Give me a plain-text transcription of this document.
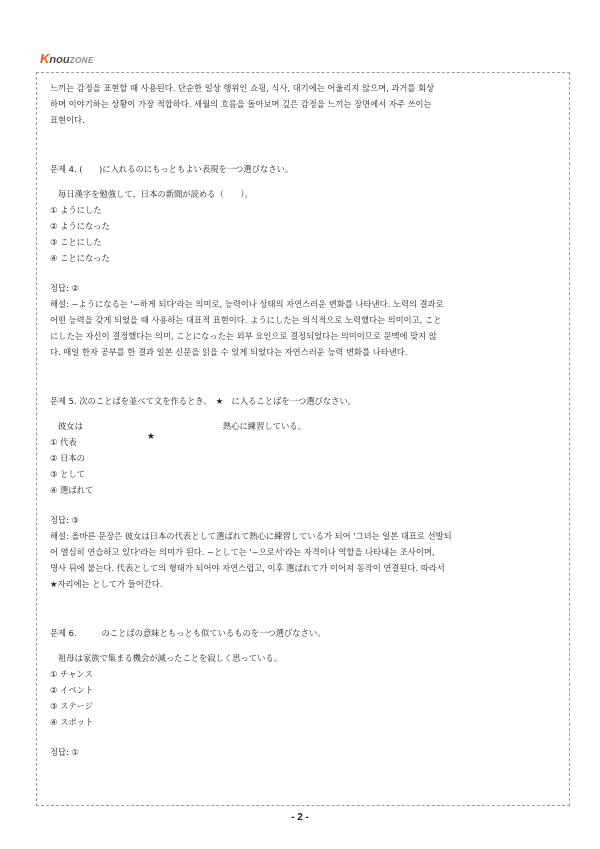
KnouZONE

느끼는 감정을 표현할 때 사용된다. 단순한 일상 행위인 쇼핑, 식사, 대기에는 어울리지 않으며, 과거를 회상

하며 이야기하는 상황이 가장 적합하다. 세월의 흐름을 돌아보며 깊은 감정을 느끼는 장면에서 자주 쓰이는

표현이다.

문제 4. (　　)に入れるのにもっともよい表現を一つ選びなさい。

毎日漢字を勉強して、日本の新聞が読める（　　）。

① ようにした

② ようになった

③ ことにした

④ ことになった

정답: ②

해설: ~ようになる는 '~하게 되다'라는 의미로, 능력이나 상태의 자연스러운 변화를 나타낸다. 노력의 결과로

어떤 능력을 갖게 되었을 때 사용하는 대표적 표현이다. ようにした는 의식적으로 노력했다는 의미이고, こと

にした는 자신이 결정했다는 의미, ことになった는 외부 요인으로 결정되었다는 의미이므로 문맥에 맞지 않

다. 매일 한자 공부를 한 결과 일본 신문을 읽을 수 있게 되었다는 자연스러운 능력 변화를 나타낸다.

문제 5. 次のことばを並べて文を作るとき、　★　に入ることばを一つ選びなさい。

彼女は
★
熱心に練習している。

① 代表

② 日本の

③ として

④ 選ばれて

정답: ③

해설: 올바른 문장은 彼女は日本の代表として選ばれて熱心に練習している가 되어 '그녀는 일본 대표로 선발되

어 열심히 연습하고 있다'라는 의미가 된다. ~として는 '~으로서'라는 자격이나 역할을 나타내는 조사이며,

명사 뒤에 붙는다. 代表として의 형태가 되어야 자연스럽고, 이후 選ばれて가 이어져 동작이 연결된다. 따라서

★자리에는 として가 들어간다.

문제 6.　　　のことばの意味ともっとも似ているものを一つ選びなさい。

祖母は家族で集まる機会が減ったことを寂しく思っている。

① チャンス

② イベント

③ ステージ

④ スポット

정답: ①

- 2 -
